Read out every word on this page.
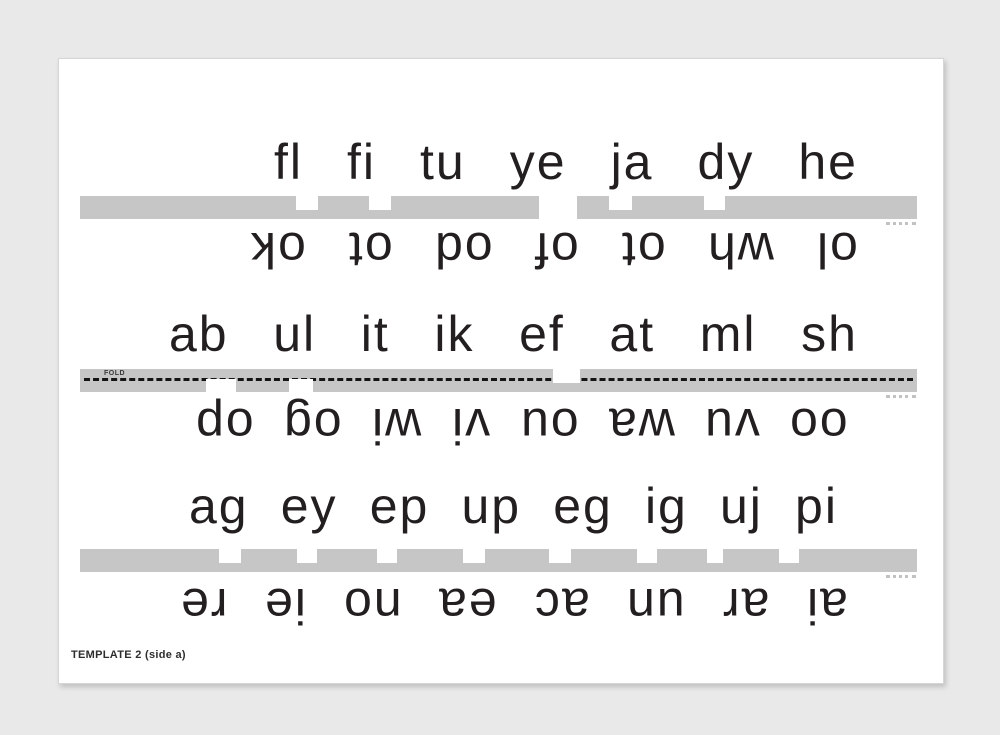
fl fi tu ye ja dy he
ok ot od of ot wh ol
ab ul it ik ef at ml sh
op og wi vi ou wa vu oo
ag ey ep up eg ig uj pi
re ie no ea ac un ar ai
FOLD
TEMPLATE 2 (side a)
